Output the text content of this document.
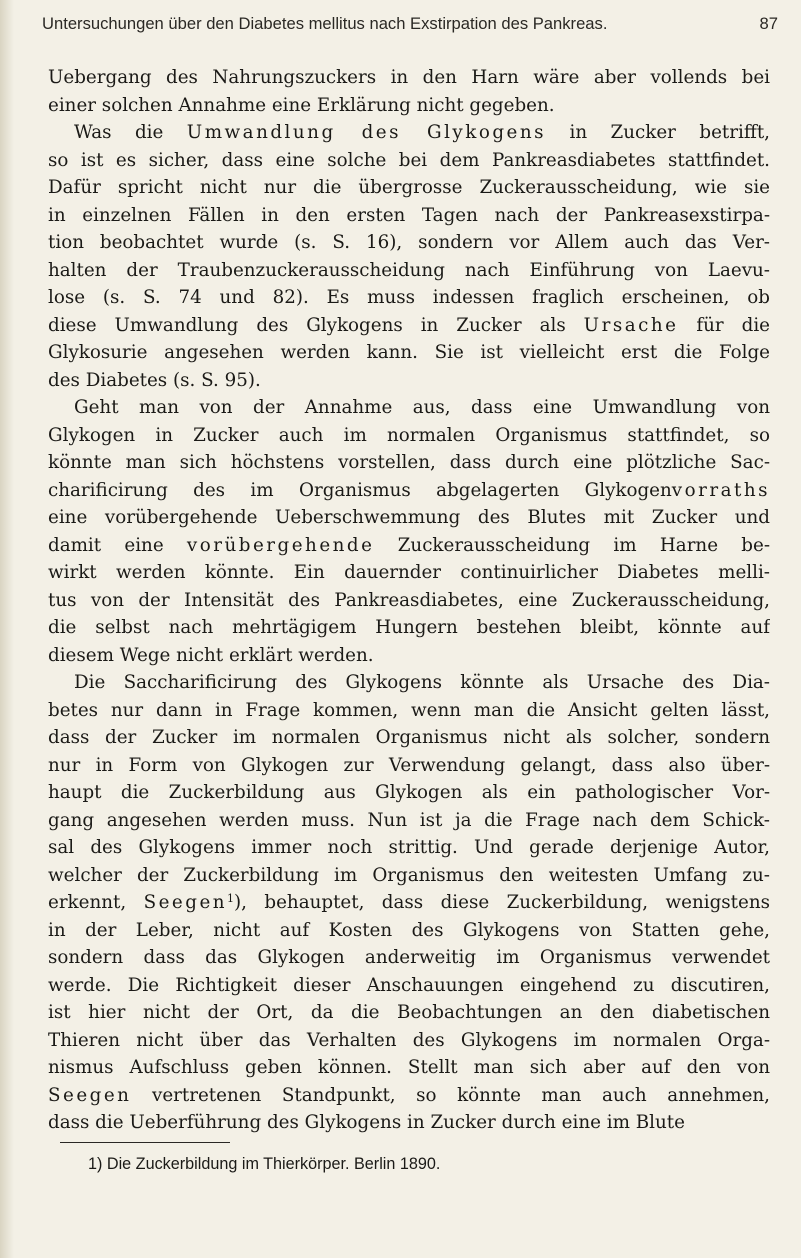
Untersuchungen über den Diabetes mellitus nach Exstirpation des Pankreas.	87
Uebergang des Nahrungszuckers in den Harn wäre aber vollends bei
einer solchen Annahme eine Erklärung nicht gegeben.
Was die Umwandlung des Glykogens in Zucker betrifft,
so ist es sicher, dass eine solche bei dem Pankreasdiabetes stattfindet.
Dafür spricht nicht nur die übergrosse Zuckerausscheidung, wie sie
in einzelnen Fällen in den ersten Tagen nach der Pankreasexstirpa-
tion beobachtet wurde (s. S. 16), sondern vor Allem auch das Ver-
halten der Traubenzuckerausscheidung nach Einführung von Laevu-
lose (s. S. 74 und 82). Es muss indessen fraglich erscheinen, ob
diese Umwandlung des Glykogens in Zucker als Ursache für die
Glykosurie angesehen werden kann. Sie ist vielleicht erst die Folge
des Diabetes (s. S. 95).
Geht man von der Annahme aus, dass eine Umwandlung von
Glykogen in Zucker auch im normalen Organismus stattfindet, so
könnte man sich höchstens vorstellen, dass durch eine plötzliche Sac-
charificirung des im Organismus abgelagerten Glykogenvorraths
eine vorübergehende Ueberschwemmung des Blutes mit Zucker und
damit eine vorübergehende Zuckerausscheidung im Harne be-
wirkt werden könnte. Ein dauernder continuirlicher Diabetes melli-
tus von der Intensität des Pankreasdiabetes, eine Zuckerausscheidung,
die selbst nach mehrtägigem Hungern bestehen bleibt, könnte auf
diesem Wege nicht erklärt werden.
Die Saccharificirung des Glykogens könnte als Ursache des Dia-
betes nur dann in Frage kommen, wenn man die Ansicht gelten lässt,
dass der Zucker im normalen Organismus nicht als solcher, sondern
nur in Form von Glykogen zur Verwendung gelangt, dass also über-
haupt die Zuckerbildung aus Glykogen als ein pathologischer Vor-
gang angesehen werden muss. Nun ist ja die Frage nach dem Schick-
sal des Glykogens immer noch strittig. Und gerade derjenige Autor,
welcher der Zuckerbildung im Organismus den weitesten Umfang zu-
erkennt, Seegen$^1$), behauptet, dass diese Zuckerbildung, wenigstens
in der Leber, nicht auf Kosten des Glykogens von Statten gehe,
sondern dass das Glykogen anderweitig im Organismus verwendet
werde. Die Richtigkeit dieser Anschauungen eingehend zu discutiren,
ist hier nicht der Ort, da die Beobachtungen an den diabetischen
Thieren nicht über das Verhalten des Glykogens im normalen Orga-
nismus Aufschluss geben können. Stellt man sich aber auf den von
Seegen vertretenen Standpunkt, so könnte man auch annehmen,
dass die Ueberführung des Glykogens in Zucker durch eine im Blute
1) Die Zuckerbildung im Thierkörper. Berlin 1890.
